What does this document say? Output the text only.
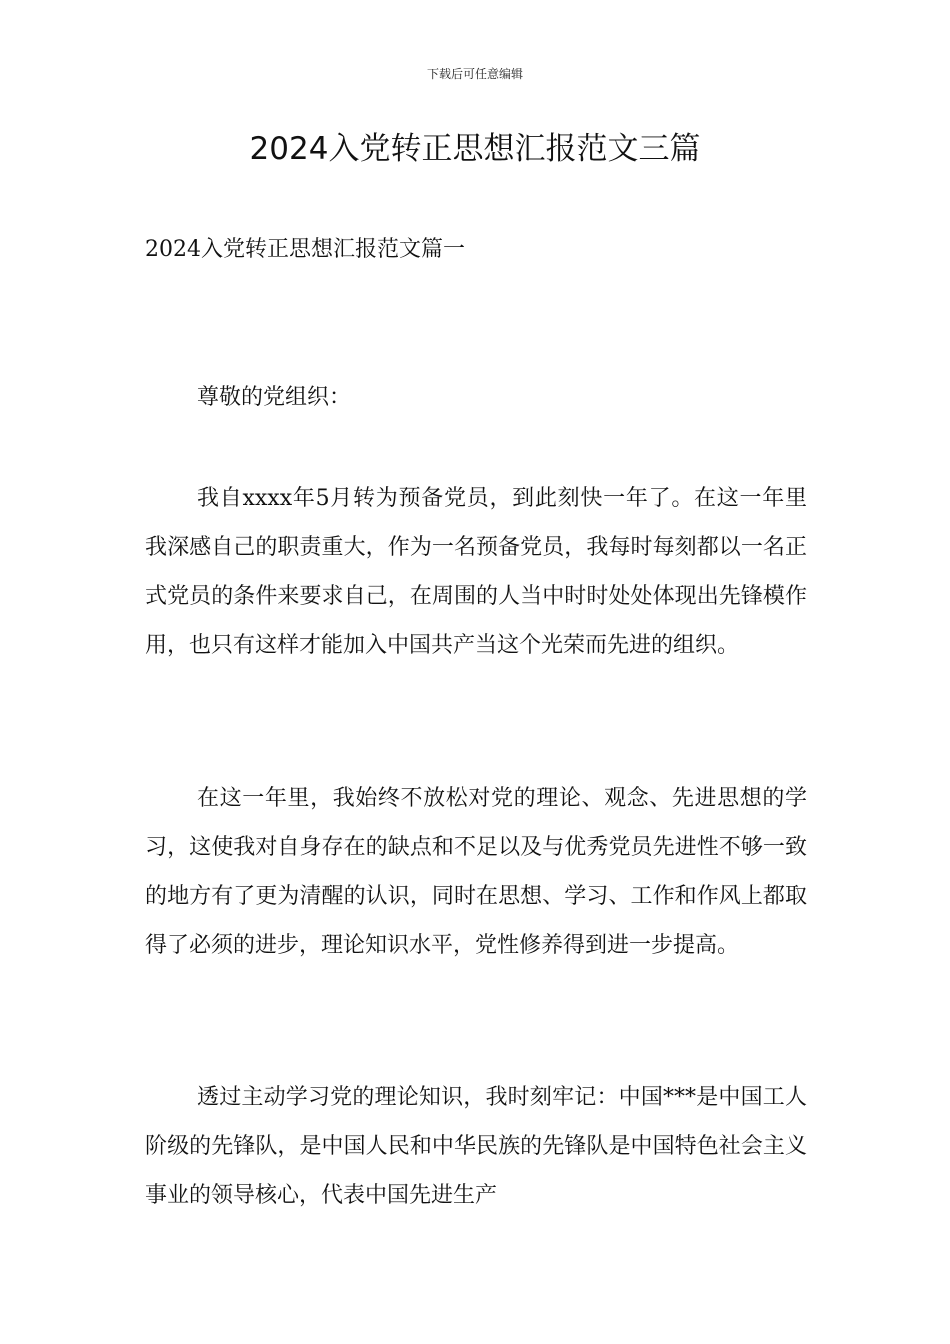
下载后可任意编辑
2024入党转正思想汇报范文三篇

2024入党转正思想汇报范文篇一

尊敬的党组织：

我自xxxx年5月转为预备党员，到此刻快一年了。在这一年里我深感自己的职责重大，作为一名预备党员，我每时每刻都以一名正式党员的条件来要求自己，在周围的人当中时时处处体现出先锋模作用，也只有这样才能加入中国共产当这个光荣而先进的组织。

在这一年里，我始终不放松对党的理论、观念、先进思想的学习，这使我对自身存在的缺点和不足以及与优秀党员先进性不够一致的地方有了更为清醒的认识，同时在思想、学习、工作和作风上都取得了必须的进步，理论知识水平，党性修养得到进一步提高。

透过主动学习党的理论知识，我时刻牢记：中国***是中国工人阶级的先锋队，是中国人民和中华民族的先锋队是中国特色社会主义事业的领导核心，代表中国先进生产
